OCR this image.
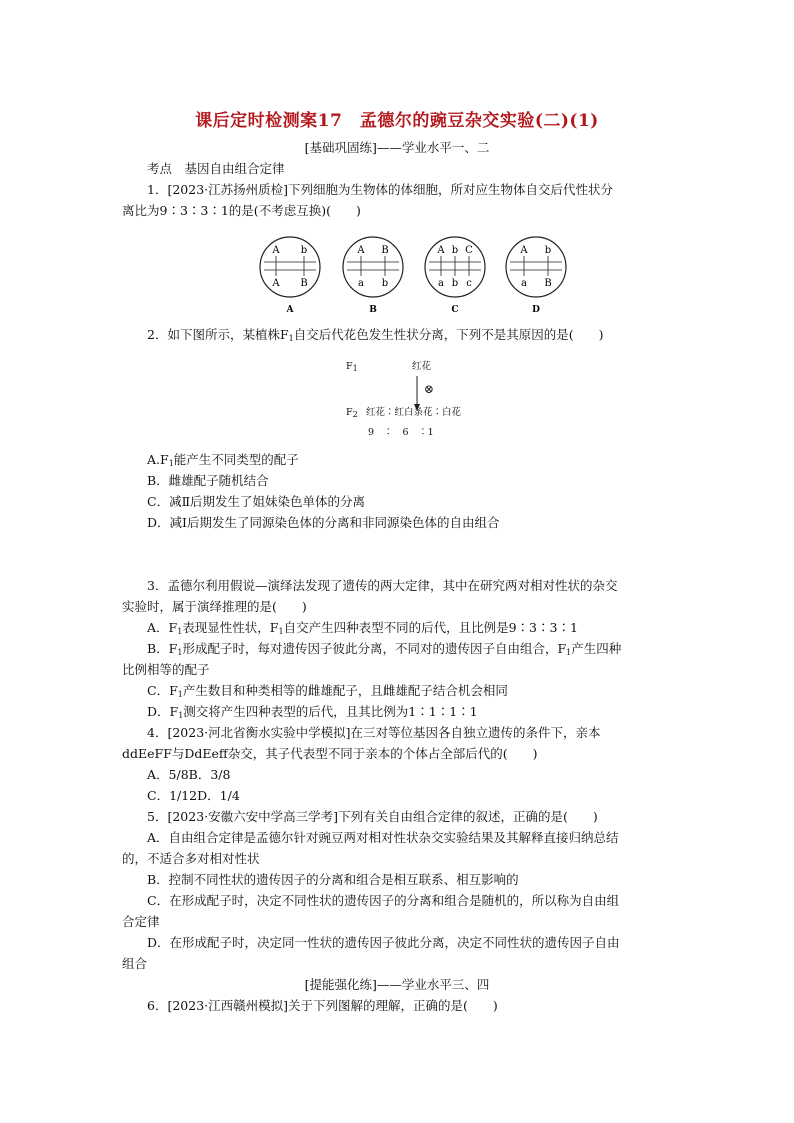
课后定时检测案17　孟德尔的豌豆杂交实验(二)(1)
[基础巩固练]——学业水平一、二
考点　基因自由组合定律
1．[2023·江苏扬州质检]下列细胞为生物体的体细胞，所对应生物体自交后代性状分
离比为9∶3∶3∶1的是(不考虑互换)(　　)
A b
A B
A
A B
a b
B
A b C
a b c
C
A b
a B
D
2．如下图所示，某植株$F_1$自交后代花色发生性状分离，下列不是其原因的是(　　)
$F_1$	红花
⊗
$F_2$ 红花∶红白条花∶白花
9　∶　6　∶1
$A.F_1$能产生不同类型的配子
B．雌雄配子随机结合
C．减Ⅱ后期发生了姐妹染色单体的分离
D．减Ⅰ后期发生了同源染色体的分离和非同源染色体的自由组合
3．孟德尔利用假说—演绎法发现了遗传的两大定律，其中在研究两对相对性状的杂交
实验时，属于演绎推理的是(　　)
A．$F_1$表现显性性状，$F_1$自交产生四种表型不同的后代，且比例是9∶3∶3∶1
B．$F_1$形成配子时，每对遗传因子彼此分离，不同对的遗传因子自由组合，$F_1$产生四种
比例相等的配子
C．$F_1$产生数目和种类相等的雌雄配子，且雌雄配子结合机会相同
D．$F_1$测交将产生四种表型的后代，且其比例为1∶1∶1∶1
4．[2023·河北省衡水实验中学模拟]在三对等位基因各自独立遗传的条件下，亲本
ddEeFF与DdEeff杂交，其子代表型不同于亲本的个体占全部后代的(　　)
A．5/8B．3/8
C．1/12D．1/4
5．[2023·安徽六安中学高三学考]下列有关自由组合定律的叙述，正确的是(　　)
A．自由组合定律是孟德尔针对豌豆两对相对性状杂交实验结果及其解释直接归纳总结
的，不适合多对相对性状
B．控制不同性状的遗传因子的分离和组合是相互联系、相互影响的
C．在形成配子时，决定不同性状的遗传因子的分离和组合是随机的，所以称为自由组
合定律
D．在形成配子时，决定同一性状的遗传因子彼此分离，决定不同性状的遗传因子自由
组合
[提能强化练]——学业水平三、四
6．[2023·江西赣州模拟]关于下列图解的理解，正确的是(　　)
